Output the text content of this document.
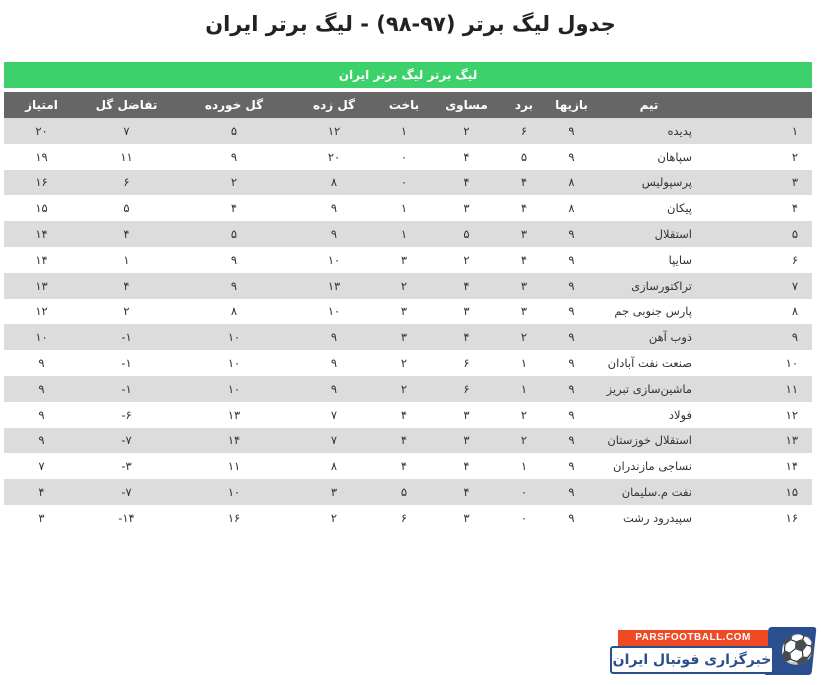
جدول لیگ برتر (۹۷-۹۸) - لیگ برتر ایران
لیگ برتر لیگ برتر ایران
	تیم	بازیها	برد	مساوی	باخت	گل زده	گل خورده	تفاضل گل	امتیاز
۱	پدیده	۹	۶	۲	۱	۱۲	۵	۷	۲۰
۲	سپاهان	۹	۵	۴	۰	۲۰	۹	۱۱	۱۹
۳	پرسپولیس	۸	۴	۴	۰	۸	۲	۶	۱۶
۴	پیکان	۸	۴	۳	۱	۹	۴	۵	۱۵
۵	استقلال	۹	۳	۵	۱	۹	۵	۴	۱۴
۶	سایپا	۹	۴	۲	۳	۱۰	۹	۱	۱۴
۷	تراکتورسازی	۹	۳	۴	۲	۱۳	۹	۴	۱۳
۸	پارس جنوبی جم	۹	۳	۳	۳	۱۰	۸	۲	۱۲
۹	ذوب آهن	۹	۲	۴	۳	۹	۱۰	-۱	۱۰
۱۰	صنعت نفت آبادان	۹	۱	۶	۲	۹	۱۰	-۱	۹
۱۱	ماشین‌سازی تبریز	۹	۱	۶	۲	۹	۱۰	-۱	۹
۱۲	فولاد	۹	۲	۳	۴	۷	۱۳	-۶	۹
۱۳	استقلال خوزستان	۹	۲	۳	۴	۷	۱۴	-۷	۹
۱۴	نساجی مازندران	۹	۱	۴	۴	۸	۱۱	-۳	۷
۱۵	نفت م.سلیمان	۹	۰	۴	۵	۳	۱۰	-۷	۴
۱۶	سپیدرود رشت	۹	۰	۳	۶	۲	۱۶	-۱۴	۳
⚽
PARSFOOTBALL.COM
خبرگزاری فوتبال ایران
